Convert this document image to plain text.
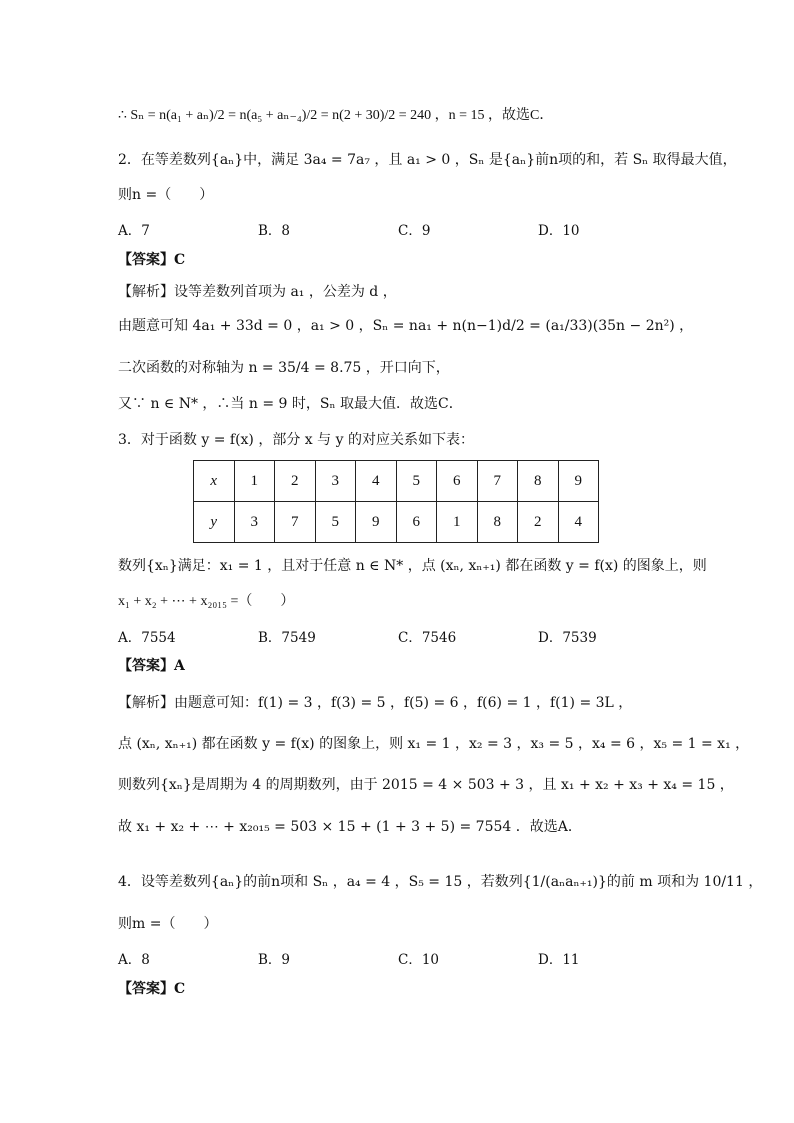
∴ Sₙ = n(a₁ + aₙ)/2 = n(a₅ + aₙ₋₄)/2 = n(2 + 30)/2 = 240 ，n = 15 ，故选C．
2．在等差数列{aₙ}中，满足 3a₄ = 7a₇ ，且 a₁ > 0 ，Sₙ 是{aₙ}前n项的和，若 Sₙ 取得最大值，
则n =（　　）
A．7	B．8	C．9	D．10
【答案】C
【解析】设等差数列首项为 a₁ ，公差为 d ，
由题意可知 4a₁ + 33d = 0 ，a₁ > 0 ，Sₙ = na₁ + n(n−1)d/2 = (a₁/33)(35n − 2n²) ，
二次函数的对称轴为 n = 35/4 = 8.75 ，开口向下，
又∵ n ∈ N* ，∴当 n = 9 时，Sₙ 取最大值．故选C．
3．对于函数 y = f(x) ，部分 x 与 y 的对应关系如下表：
x	1	2	3	4	5	6	7	8	9
y	3	7	5	9	6	1	8	2	4
数列{xₙ}满足：x₁ = 1 ，且对于任意 n ∈ N* ，点 (xₙ, xₙ₊₁) 都在函数 y = f(x) 的图象上，则
x₁ + x₂ + ⋯ + x₂₀₁₅ =（　　）
A．7554	B．7549	C．7546	D．7539
【答案】A
【解析】由题意可知：f(1) = 3 ，f(3) = 5 ，f(5) = 6 ，f(6) = 1 ，f(1) = 3L ，
点 (xₙ, xₙ₊₁) 都在函数 y = f(x) 的图象上，则 x₁ = 1 ，x₂ = 3 ，x₃ = 5 ，x₄ = 6 ，x₅ = 1 = x₁ ，
则数列{xₙ}是周期为 4 的周期数列，由于 2015 = 4 × 503 + 3 ，且 x₁ + x₂ + x₃ + x₄ = 15 ，
故 x₁ + x₂ + ⋯ + x₂₀₁₅ = 503 × 15 + (1 + 3 + 5) = 7554 ．故选A．
4．设等差数列{aₙ}的前n项和 Sₙ ，a₄ = 4 ，S₅ = 15 ，若数列{1/(aₙaₙ₊₁)}的前 m 项和为 10/11 ，
则m =（　　）
A．8	B．9	C．10	D．11
【答案】C
